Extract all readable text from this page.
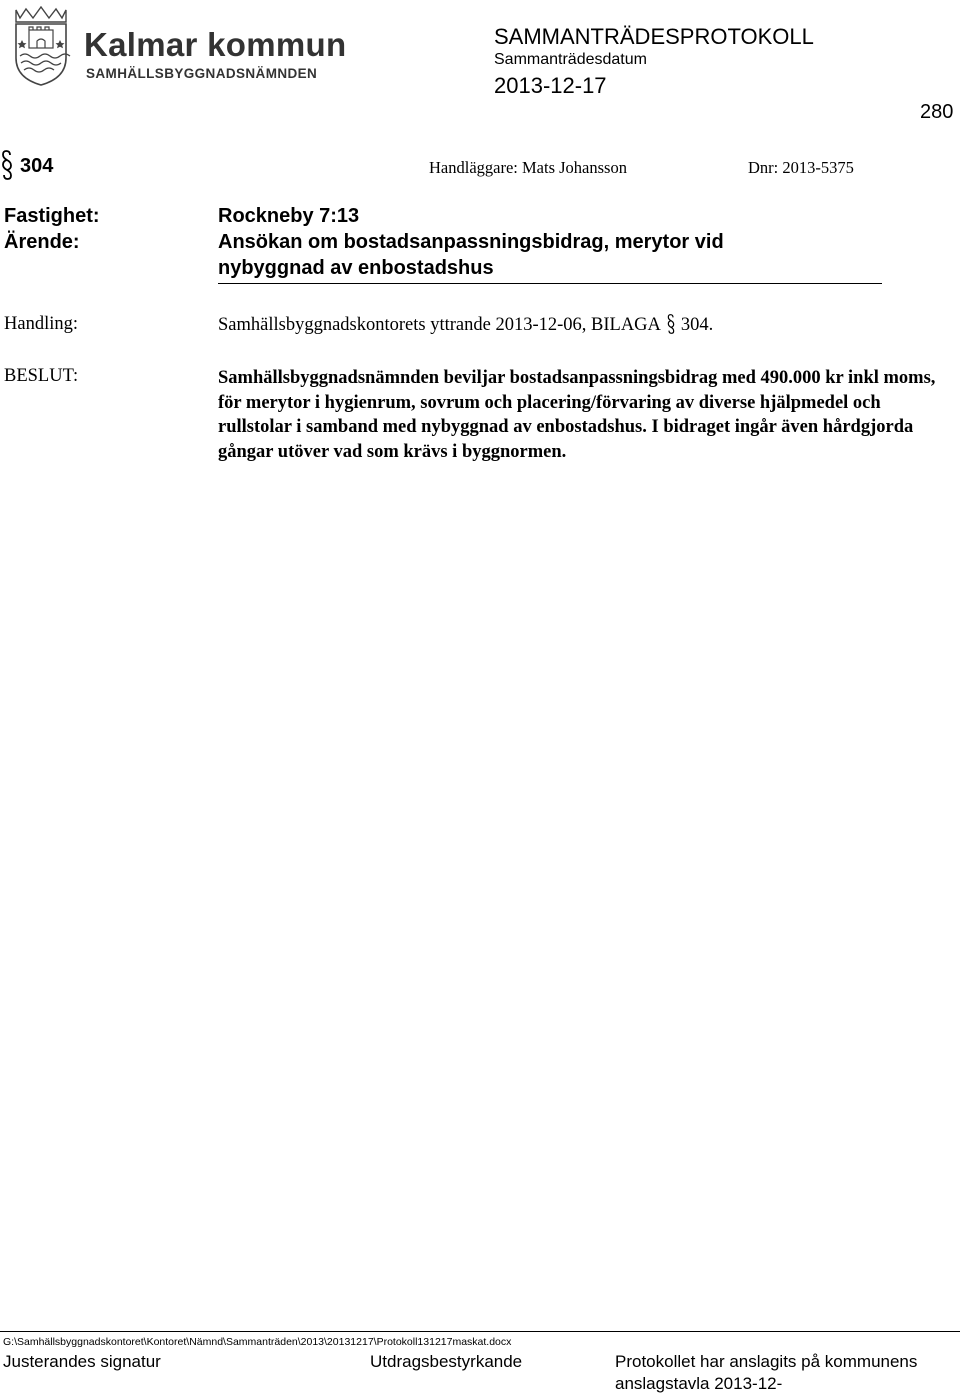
Kalmar kommun
SAMHÄLLSBYGGNADSNÄMNDEN
SAMMANTRÄDESPROTOKOLL
Sammanträdesdatum
2013-12-17
280
304	Handläggare: Mats Johansson	Dnr: 2013-5375
Fastighet:	Rockneby 7:13
Ärende:	Ansökan om bostadsanpassningsbidrag, merytor vid
nybyggnad av enbostadshus
Handling:	Samhällsbyggnadskontorets yttrande 2013-12-06, BILAGA 304.
BESLUT:	Samhällsbyggnadsnämnden beviljar bostadsanpassningsbidrag med 490.000 kr inkl moms, för merytor i hygienrum, sovrum och placering/förvaring av diverse hjälpmedel och rullstolar i samband med nybyggnad av enbostadshus. I bidraget ingår även hårdgjorda gångar utöver vad som krävs i byggnormen.

G:\Samhällsbyggnadskontoret\Kontoret\Nämnd\Sammanträden\2013\20131217\Protokoll131217maskat.docx
Justerandes signatur	Utdragsbestyrkande	Protokollet har anslagits på kommunens
anslagstavla 2013-12-
